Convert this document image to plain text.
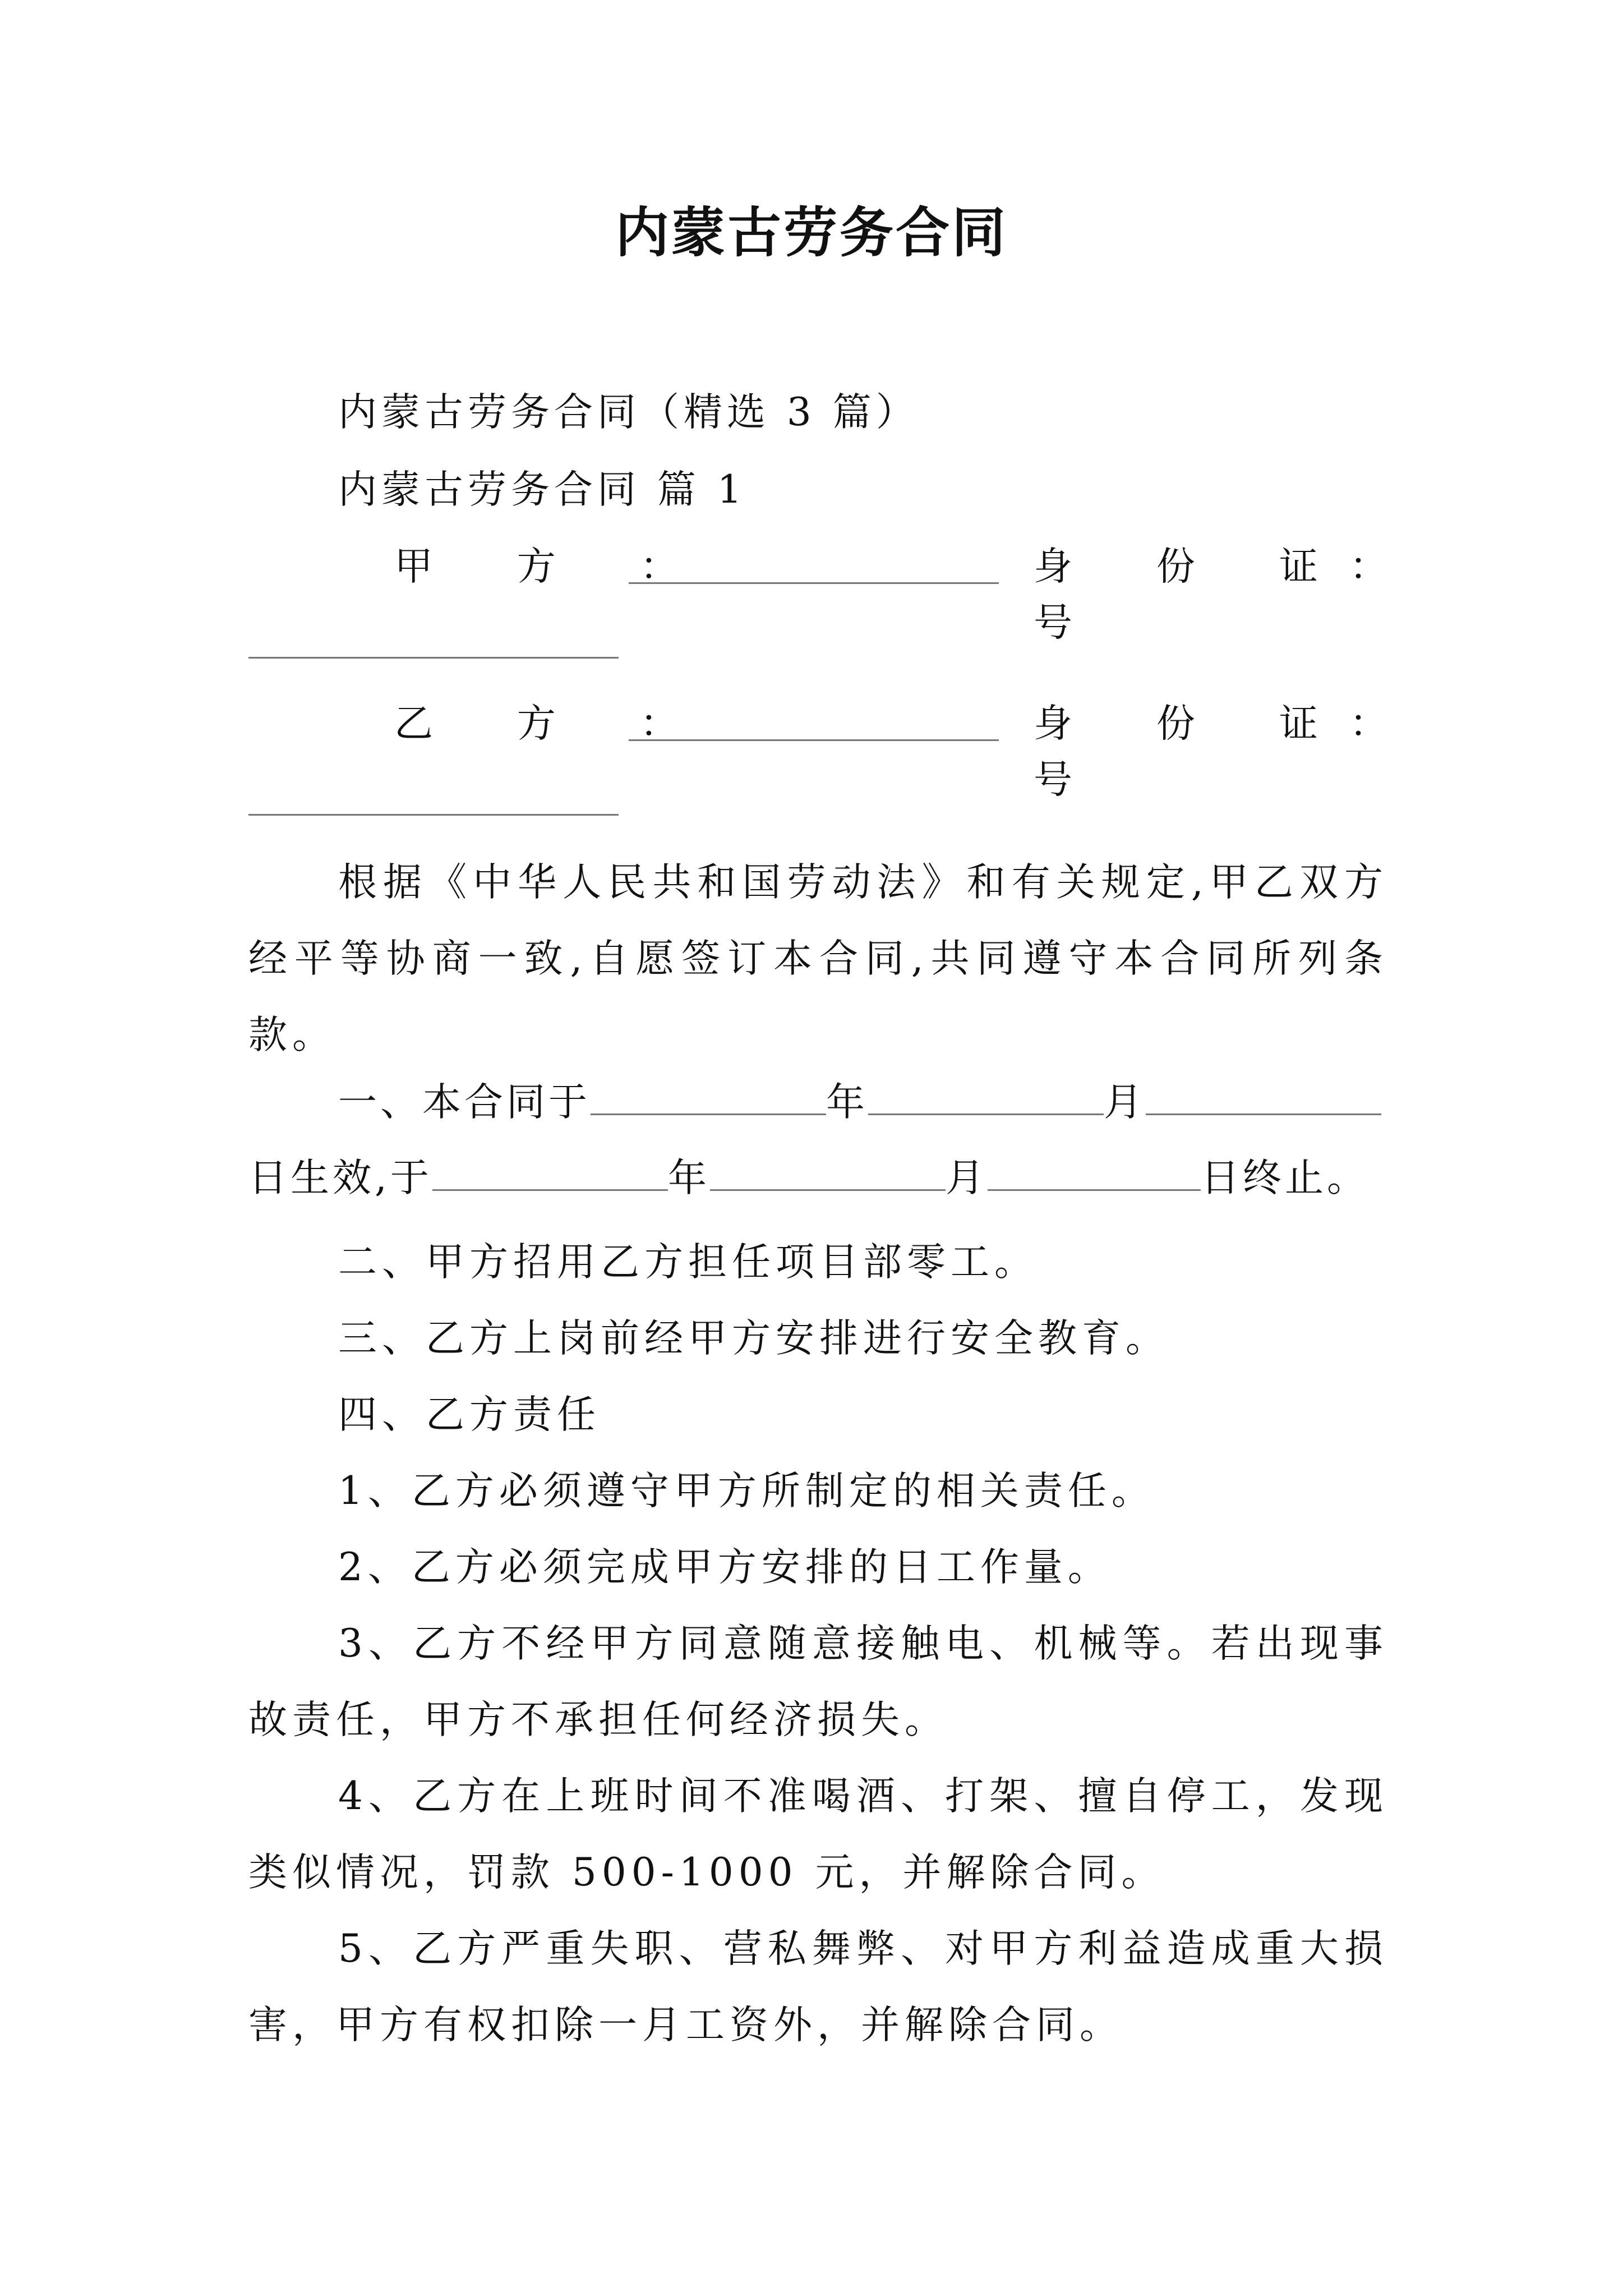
内蒙古劳务合同
内蒙古劳务合同（精选 3 篇）
内蒙古劳务合同 篇 1
甲 方 ：	身 份 证 号
：
乙 方 ：	身 份 证 号
：

根据《中华人民共和国劳动法》和有关规定,甲乙双方经平等协商一致,自愿签订本合同,共同遵守本合同所列条款。

一、本合同于	年	月
日生效,于	年	月	日终止。

二、甲方招用乙方担任项目部零工。

三、乙方上岗前经甲方安排进行安全教育。

四、乙方责任

1、乙方必须遵守甲方所制定的相关责任。

2、乙方必须完成甲方安排的日工作量。

3、乙方不经甲方同意随意接触电、机械等。若出现事故责任，甲方不承担任何经济损失。

4、乙方在上班时间不准喝酒、打架、擅自停工，发现类似情况，罚款 500-1000 元，并解除合同。

5、乙方严重失职、营私舞弊、对甲方利益造成重大损害，甲方有权扣除一月工资外，并解除合同。
